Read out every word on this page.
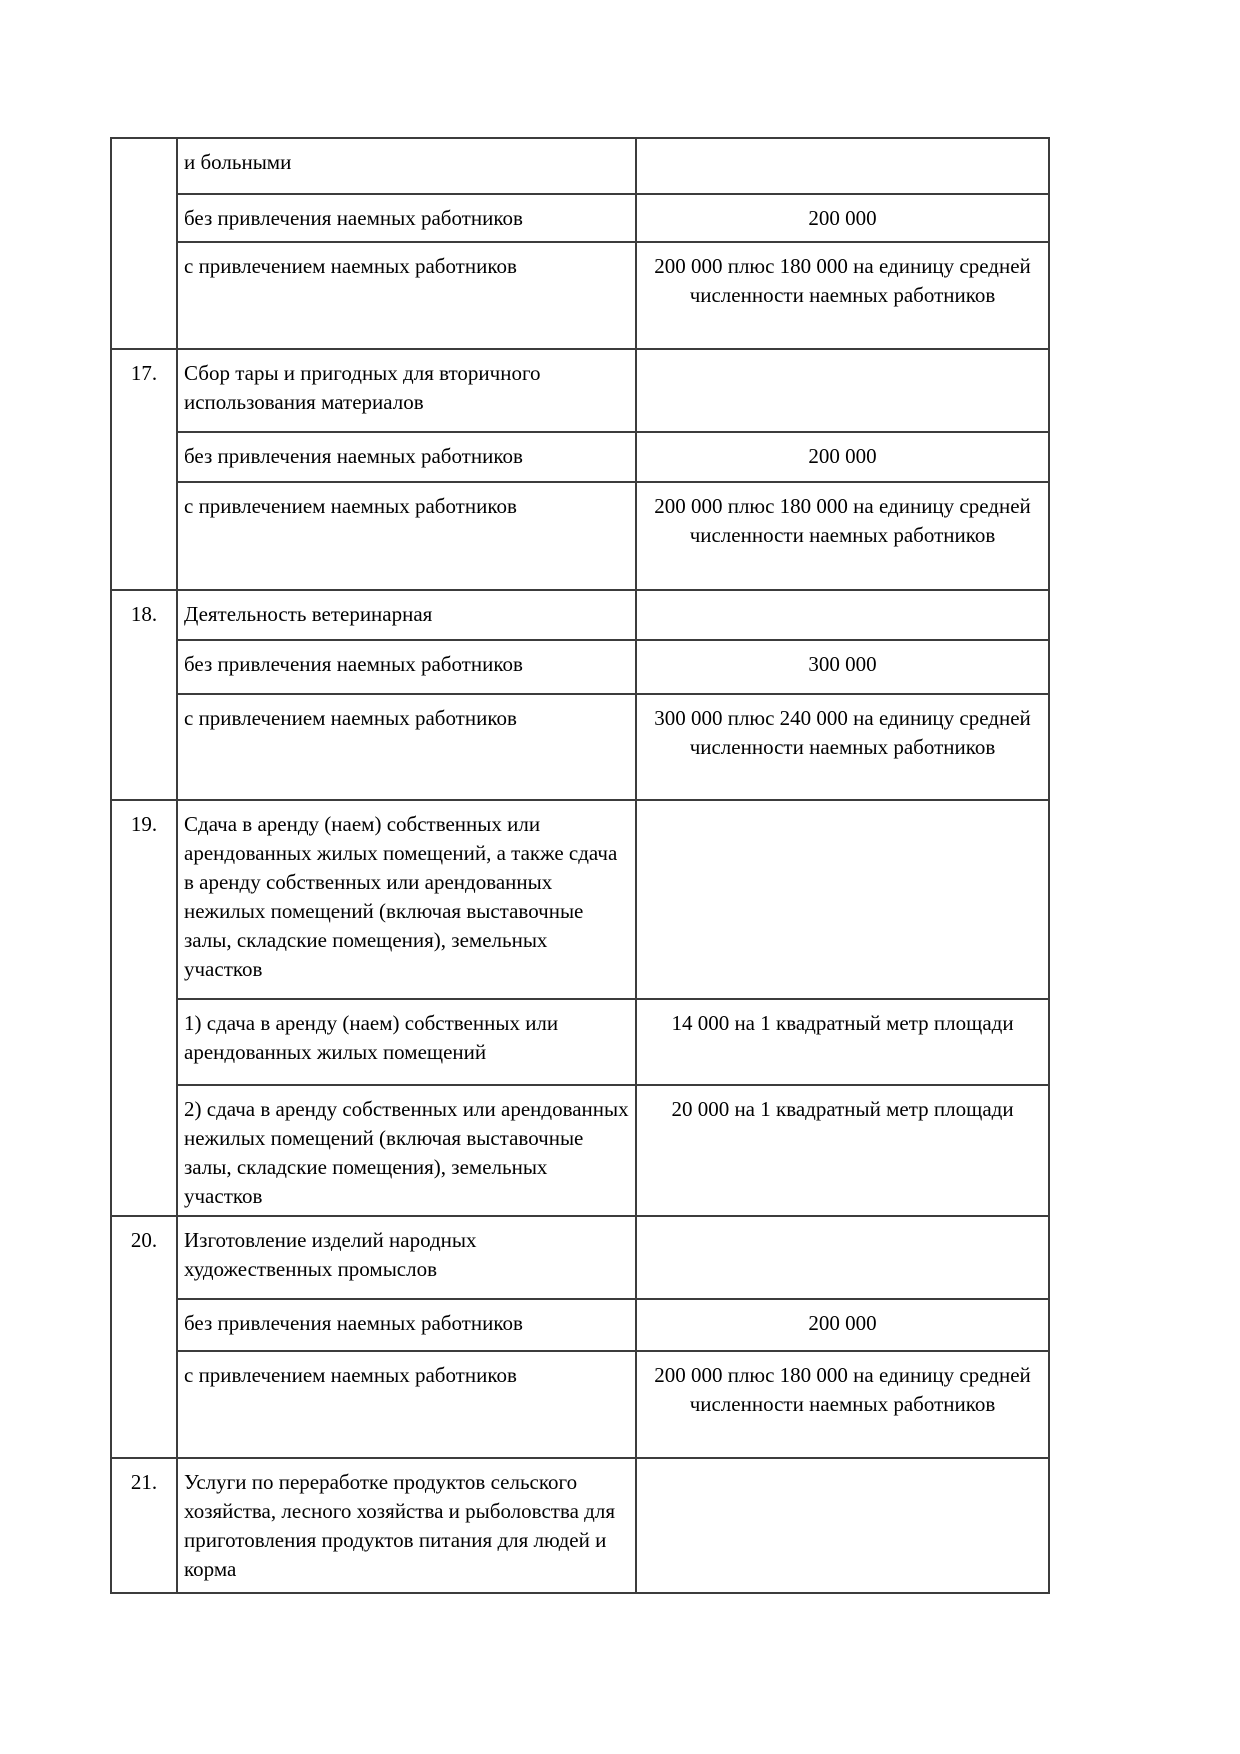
	и больными	
	без привлечения наемных работников	200 000
	с привлечением наемных работников	200 000 плюс 180 000 на единицу средней численности наемных работников
17.	Сбор тары и пригодных для вторичного использования материалов	
	без привлечения наемных работников	200 000
	с привлечением наемных работников	200 000 плюс 180 000 на единицу средней численности наемных работников
18.	Деятельность ветеринарная	
	без привлечения наемных работников	300 000
	с привлечением наемных работников	300 000 плюс 240 000 на единицу средней численности наемных работников
19.	Сдача в аренду (наем) собственных или арендованных жилых помещений, а также сдача в аренду собственных или арендованных нежилых помещений (включая выставочные залы, складские помещения), земельных участков	
	1) сдача в аренду (наем) собственных или арендованных жилых помещений	14 000 на 1 квадратный метр площади
	2) сдача в аренду собственных или арендованных нежилых помещений (включая выставочные залы, складские помещения), земельных участков	20 000 на 1 квадратный метр площади
20.	Изготовление изделий народных художественных промыслов	
	без привлечения наемных работников	200 000
	с привлечением наемных работников	200 000 плюс 180 000 на единицу средней численности наемных работников
21.	Услуги по переработке продуктов сельского хозяйства, лесного хозяйства и рыболовства для приготовления продуктов питания для людей и корма	
